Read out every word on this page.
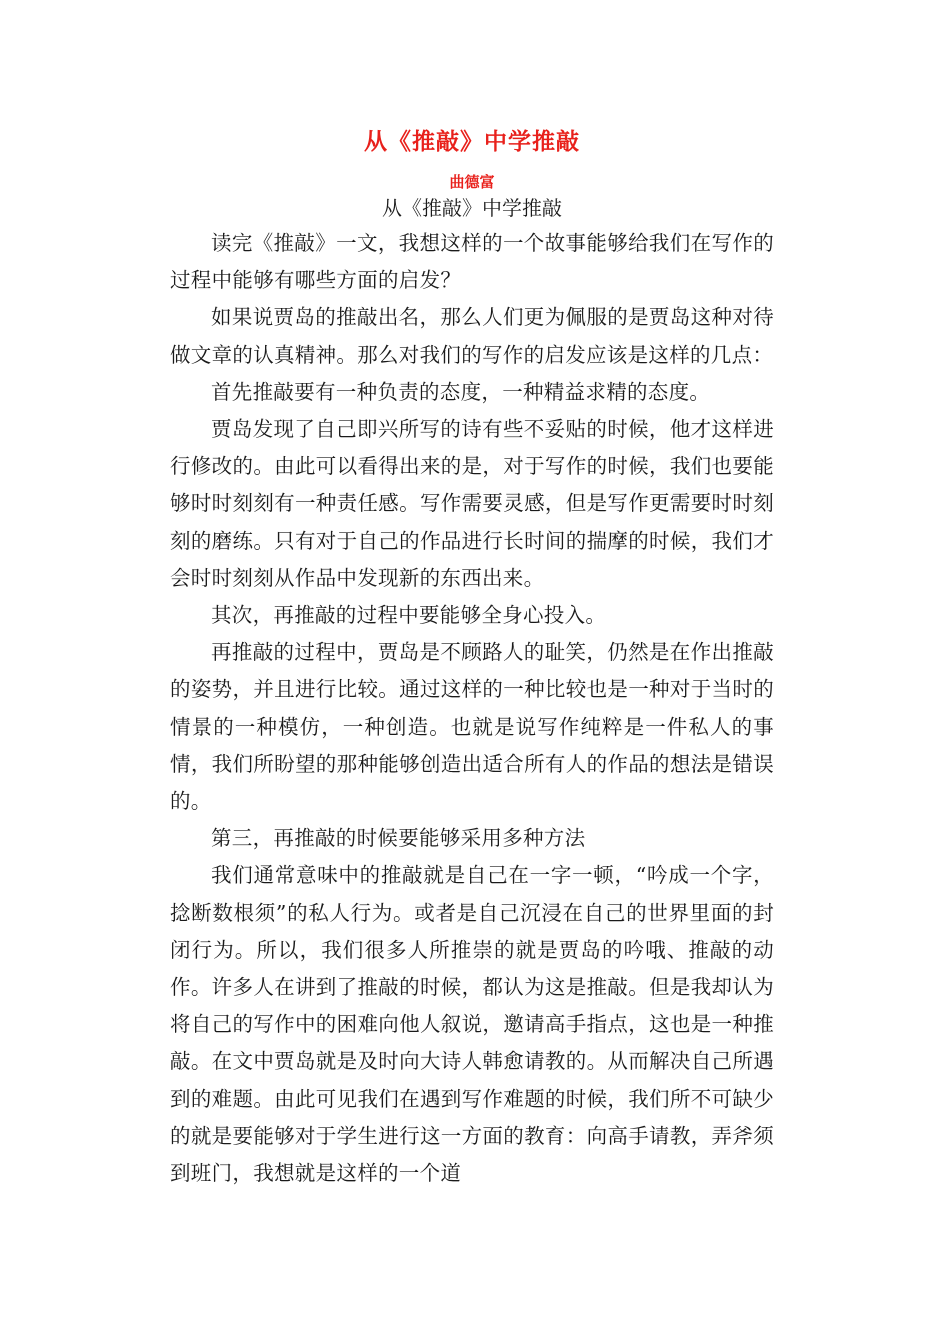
从《推敲》中学推敲
曲德富
从《推敲》中学推敲

读完《推敲》一文，我想这样的一个故事能够给我们在写作的过程中能够有哪些方面的启发？

如果说贾岛的推敲出名，那么人们更为佩服的是贾岛这种对待做文章的认真精神。那么对我们的写作的启发应该是这样的几点：

首先推敲要有一种负责的态度，一种精益求精的态度。

贾岛发现了自己即兴所写的诗有些不妥贴的时候，他才这样进行修改的。由此可以看得出来的是，对于写作的时候，我们也要能够时时刻刻有一种责任感。写作需要灵感，但是写作更需要时时刻刻的磨练。只有对于自己的作品进行长时间的揣摩的时候，我们才会时时刻刻从作品中发现新的东西出来。

其次，再推敲的过程中要能够全身心投入。

再推敲的过程中，贾岛是不顾路人的耻笑，仍然是在作出推敲的姿势，并且进行比较。通过这样的一种比较也是一种对于当时的情景的一种模仿，一种创造。也就是说写作纯粹是一件私人的事情，我们所盼望的那种能够创造出适合所有人的作品的想法是错误的。

第三，再推敲的时候要能够采用多种方法

我们通常意味中的推敲就是自己在一字一顿，“吟成一个字，捻断数根须”的私人行为。或者是自己沉浸在自己的世界里面的封闭行为。所以，我们很多人所推崇的就是贾岛的吟哦、推敲的动作。许多人在讲到了推敲的时候，都认为这是推敲。但是我却认为将自己的写作中的困难向他人叙说，邀请高手指点，这也是一种推敲。在文中贾岛就是及时向大诗人韩愈请教的。从而解决自己所遇到的难题。由此可见我们在遇到写作难题的时候，我们所不可缺少的就是要能够对于学生进行这一方面的教育：向高手请教，弄斧须到班门，我想就是这样的一个道
